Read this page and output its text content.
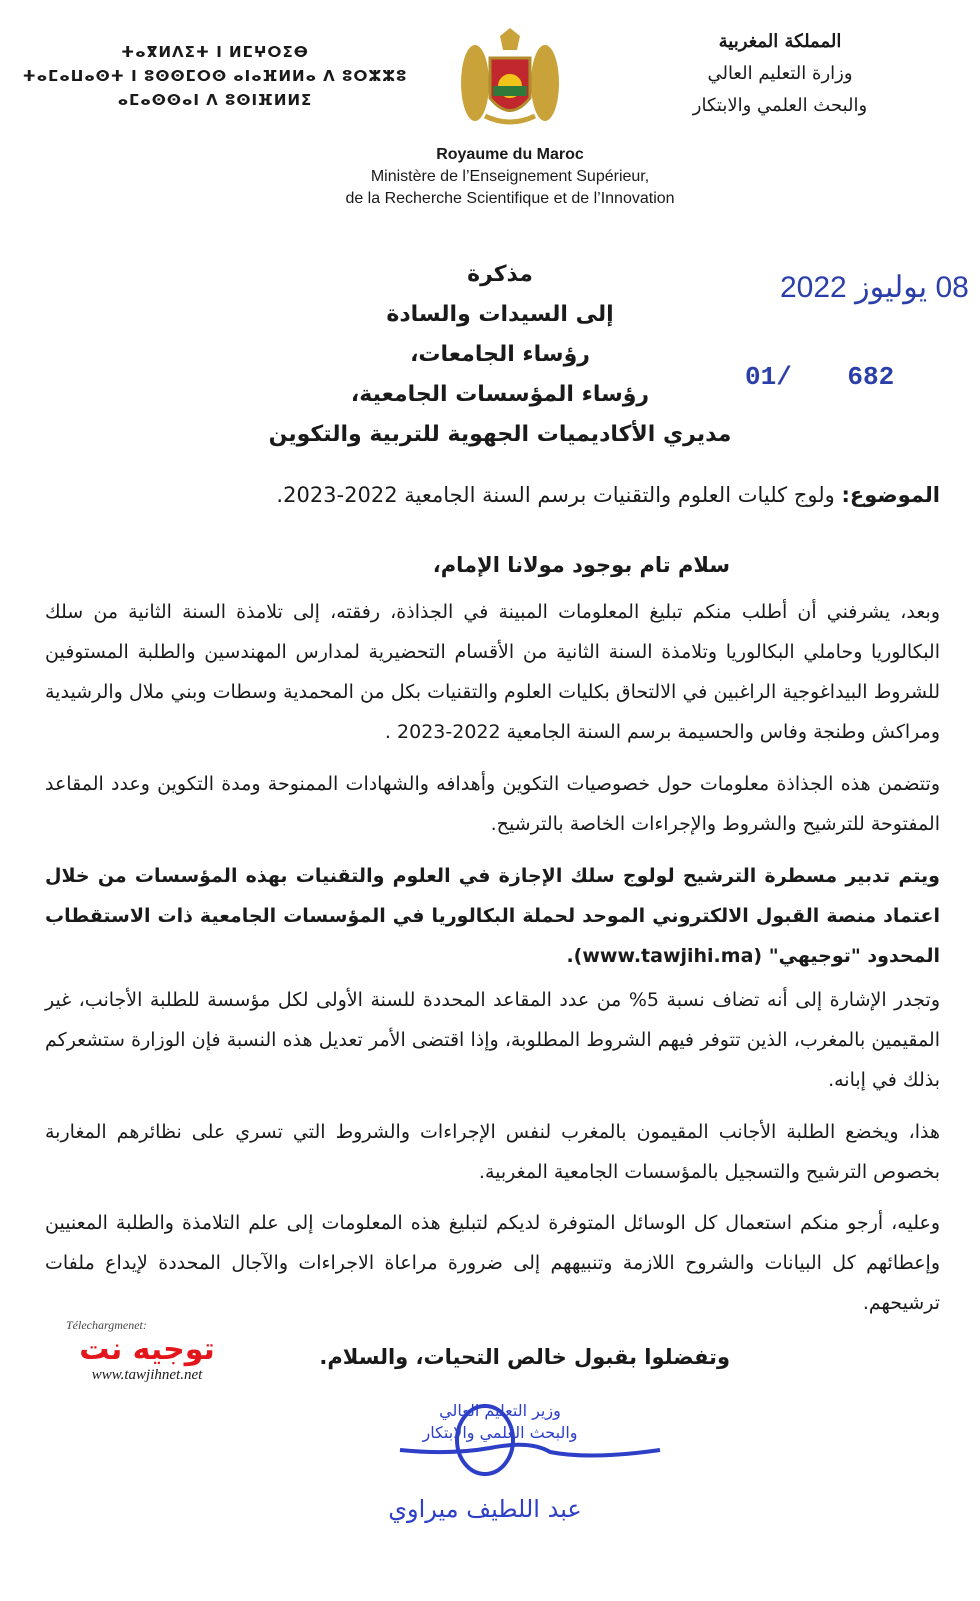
ⵜⴰⴳⵍⴷⵉⵜ ⵏ ⵍⵎⵖⵔⵉⴱ
ⵜⴰⵎⴰⵡⴰⵙⵜ ⵏ ⵓⵙⵙⵎⵔⵙ ⴰⵏⴰⴼⵍⵍⴰ ⴷ ⵓⵔⵣⵣⵓ
ⴰⵎⴰⵙⵙⴰⵏ ⴷ ⵓⵙⵏⴼⵍⵍⵉ
المملكة المغربية
وزارة التعليم العالي
والبحث العلمي والابتكار
Royaume du Maroc
Ministère de l’Enseignement Supérieur,
de la Recherche Scientifique et de l’Innovation
مذكرة
إلى السيدات والسادة
رؤساء الجامعات،
رؤساء المؤسسات الجامعية،
مديري الأكاديميات الجهوية للتربية والتكوين
08 يوليوز 2022
01/ 682
الموضوع: ولوج كليات العلوم والتقنيات برسم السنة الجامعية 2022-2023.
سلام تام بوجود مولانا الإمام،

وبعد، يشرفني أن أطلب منكم تبليغ المعلومات المبينة في الجذاذة، رفقته، إلى تلامذة السنة الثانية من سلك البكالوريا وحاملي البكالوريا وتلامذة السنة الثانية من الأقسام التحضيرية لمدارس المهندسين والطلبة المستوفين للشروط البيداغوجية الراغبين في الالتحاق بكليات العلوم والتقنيات بكل من المحمدية وسطات وبني ملال والرشيدية ومراكش وطنجة وفاس والحسيمة برسم السنة الجامعية 2022-2023 .

وتتضمن هذه الجذاذة معلومات حول خصوصيات التكوين وأهدافه والشهادات الممنوحة ومدة التكوين وعدد المقاعد المفتوحة للترشيح والشروط والإجراءات الخاصة بالترشيح.

ويتم تدبير مسطرة الترشيح لولوج سلك الإجازة في العلوم والتقنيات بهذه المؤسسات من خلال اعتماد منصة القبول الالكتروني الموحد لحملة البكالوريا في المؤسسات الجامعية ذات الاستقطاب المحدود "توجيهي" (www.tawjihi.ma).

وتجدر الإشارة إلى أنه تضاف نسبة 5% من عدد المقاعد المحددة للسنة الأولى لكل مؤسسة للطلبة الأجانب، غير المقيمين بالمغرب، الذين تتوفر فيهم الشروط المطلوبة، وإذا اقتضى الأمر تعديل هذه النسبة فإن الوزارة ستشعركم بذلك في إبانه.

هذا، ويخضع الطلبة الأجانب المقيمون بالمغرب لنفس الإجراءات والشروط التي تسري على نظائرهم المغاربة بخصوص الترشيح والتسجيل بالمؤسسات الجامعية المغربية.

وعليه، أرجو منكم استعمال كل الوسائل المتوفرة لديكم لتبليغ هذه المعلومات إلى علم التلامذة والطلبة المعنيين وإعطائهم كل البيانات والشروح اللازمة وتنبيههم إلى ضرورة مراعاة الاجراءات والآجال المحددة لإيداع ملفات ترشيحهم.

Télechargmenet:
توجيه نت
www.tawjihnet.net
وتفضلوا بقبول خالص التحيات، والسلام.
وزير التعليم العالي
والبحث العلمي والابتكار
عبد اللطيف ميراوي
